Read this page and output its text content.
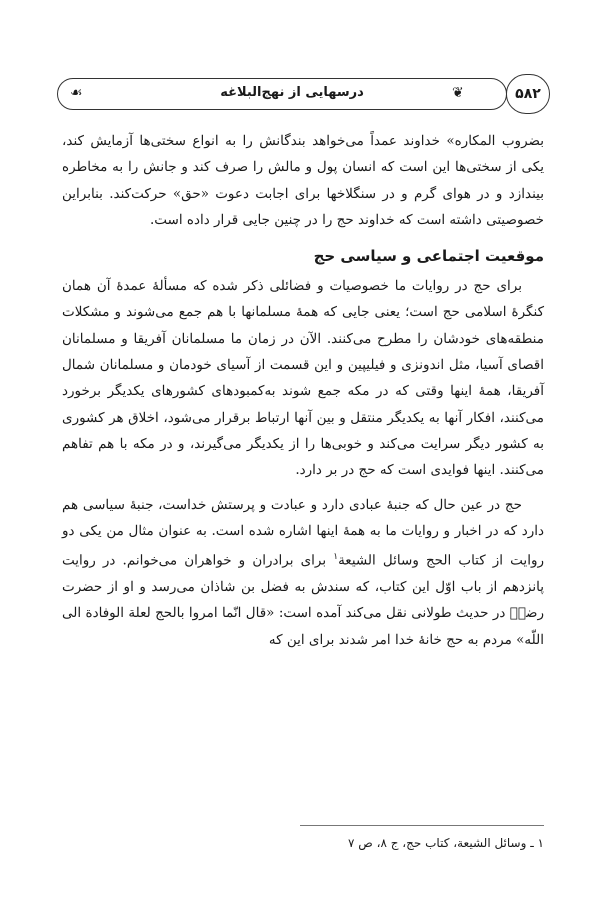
☙	درسهایی از نهج‌البلاغه	❦	۵۸۲

بضروب المکاره» خداوند عمداً می‌خواهد بندگانش را به انواع سختی‌ها آزمایش کند، یکی از سختی‌ها این است که انسان پول و مالش را صرف کند و جانش را به مخاطره بیندازد و در هوای گرم و در سنگلاخها برای اجابت دعوت «حق» حرکت‌کند. بنابراین خصوصیتی داشته است که خداوند حج را در چنین جایی قرار داده است.

موقعیت اجتماعی و سیاسی حج

برای حج در روایات ما خصوصیات و فضائلی ذکر شده که مسألهٔ عمدهٔ آن همان کنگرهٔ اسلامی حج است؛ یعنی جایی که همهٔ مسلمانها با هم جمع می‌شوند و مشکلات منطقه‌های خودشان را مطرح می‌کنند. الآن در زمان ما مسلمانان آفریقا و مسلمانان اقصای آسیا، مثل اندونزی و فیلیپین و این قسمت از آسیای خودمان و مسلمانان شمال آفریقا، همهٔ اینها وقتی که در مکه جمع شوند به‌کمبودهای کشورهای یکدیگر برخورد می‌کنند، افکار آنها به یکدیگر منتقل و بین آنها ارتباط برقرار می‌شود، اخلاق هر کشوری به کشور دیگر سرایت می‌کند و خوبی‌ها را از یکدیگر می‌گیرند، و در مکه با هم تفاهم می‌کنند. اینها فوایدی است که حج در بر دارد.

حج در عین حال که جنبهٔ عبادی دارد و عبادت و پرستش خداست، جنبهٔ سیاسی هم دارد که در اخبار و روایات ما به همهٔ اینها اشاره شده است. به عنوان مثال من یکی دو روایت از کتاب الحج وسائل الشیعة$^۱$ برای برادران و خواهران می‌خوانم. در روایت پانزدهم از باب اوّل این کتاب، که سندش به فضل بن شاذان می‌رسد و او از حضرت رضاؑ در حدیث طولانی نقل می‌کند آمده است: «قال انّما امروا بالحج لعلة الوفادة الی اللّه» مردم به حج خانهٔ خدا امر شدند برای این که

۱ ـ وسائل الشیعة، کتاب حج، ج ۸، ص ۷
